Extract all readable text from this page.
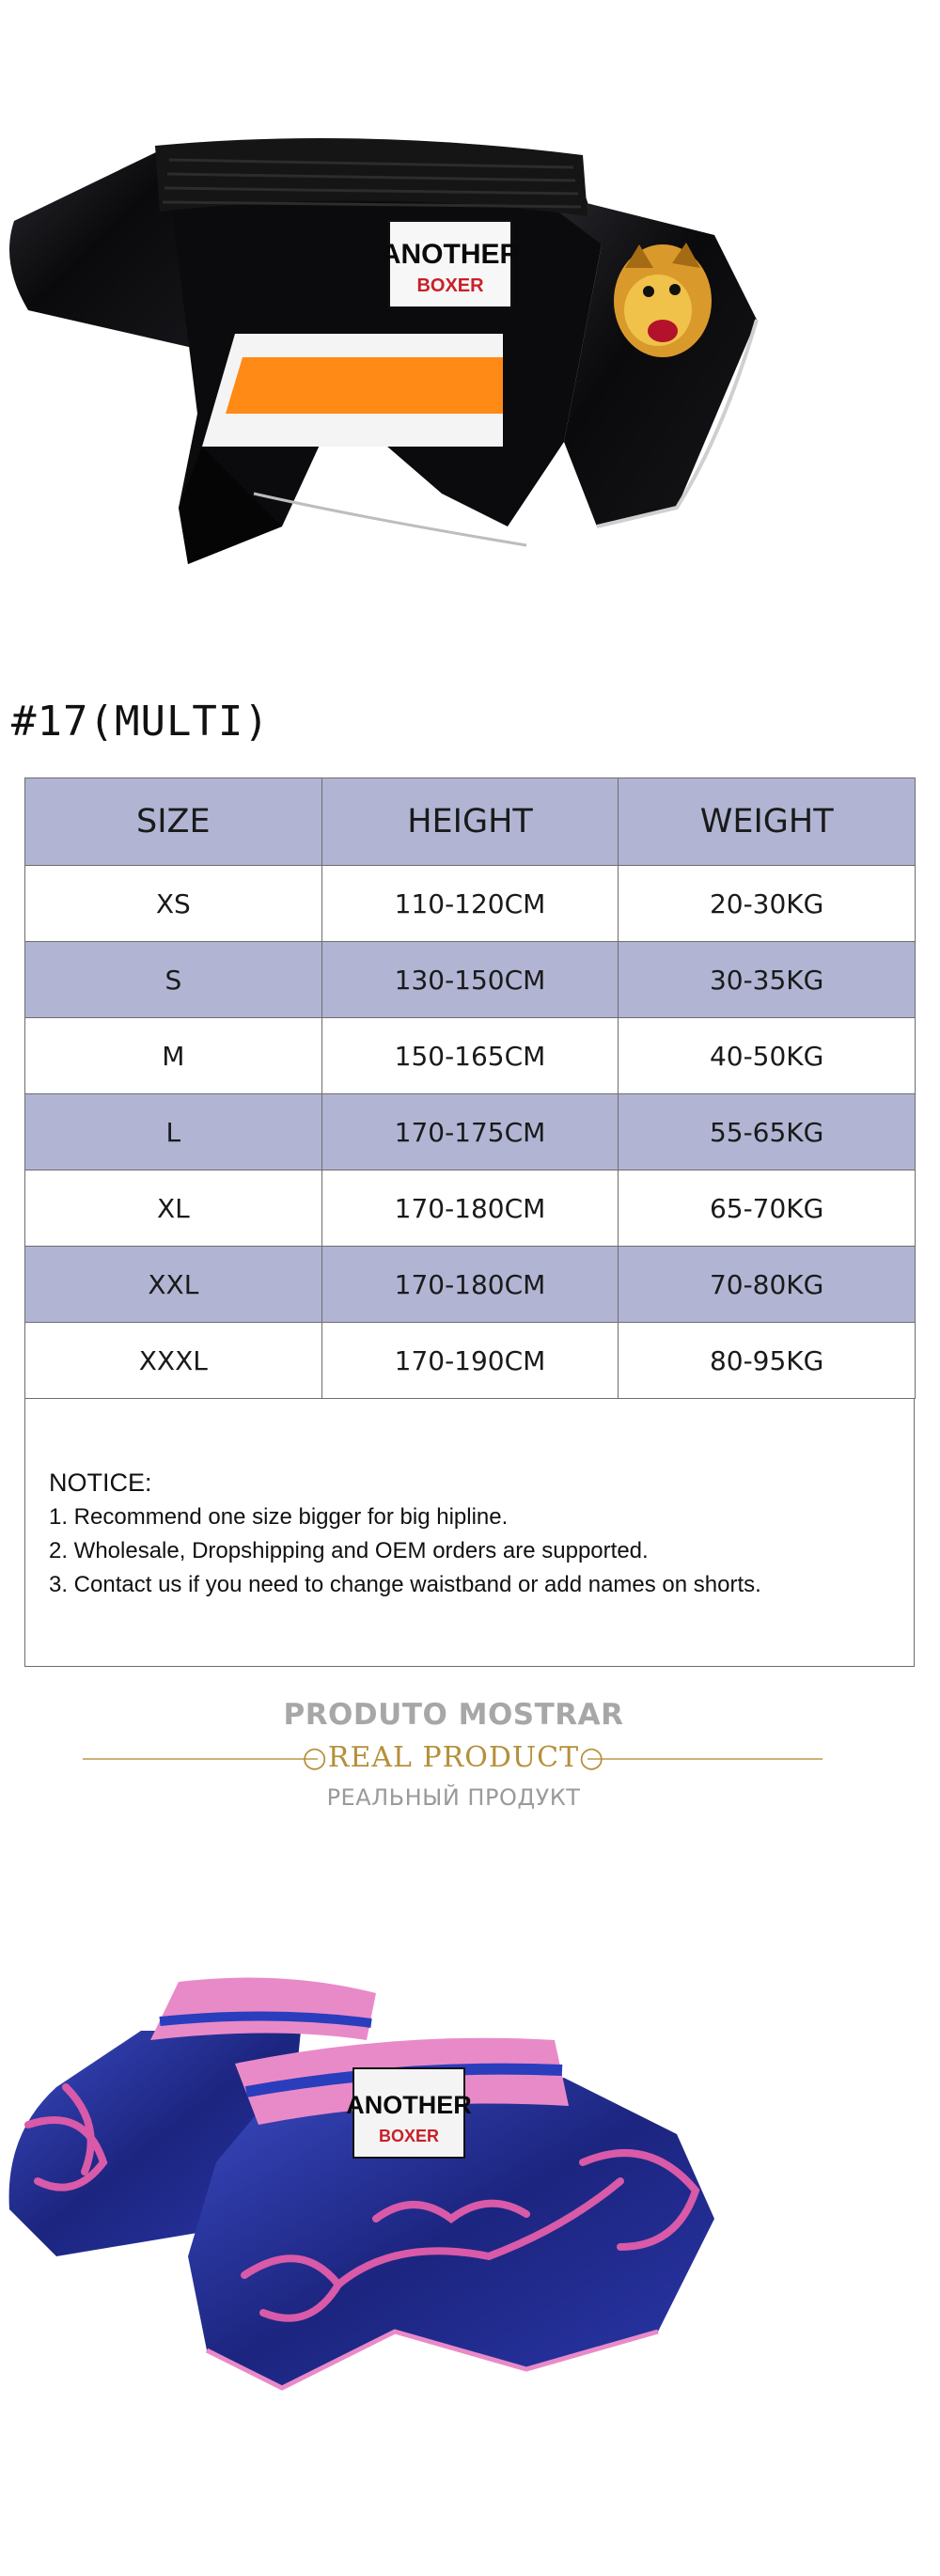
ANOTHER
BOXER
#17(MULTI)
SIZE	HEIGHT	WEIGHT
XS	110-120CM	20-30KG
S	130-150CM	30-35KG
M	150-165CM	40-50KG
L	170-175CM	55-65KG
XL	170-180CM	65-70KG
XXL	170-180CM	70-80KG
XXXL	170-190CM	80-95KG
NOTICE:
1. Recommend one size bigger for big hipline.
2. Wholesale, Dropshipping and OEM orders are supported.
3. Contact us if you need to change waistband or add names on shorts.
PRODUTO MOSTRAR
○REAL PRODUCT○
РЕАЛЬНЫЙ ПРОДУКТ
ANOTHER
BOXER
